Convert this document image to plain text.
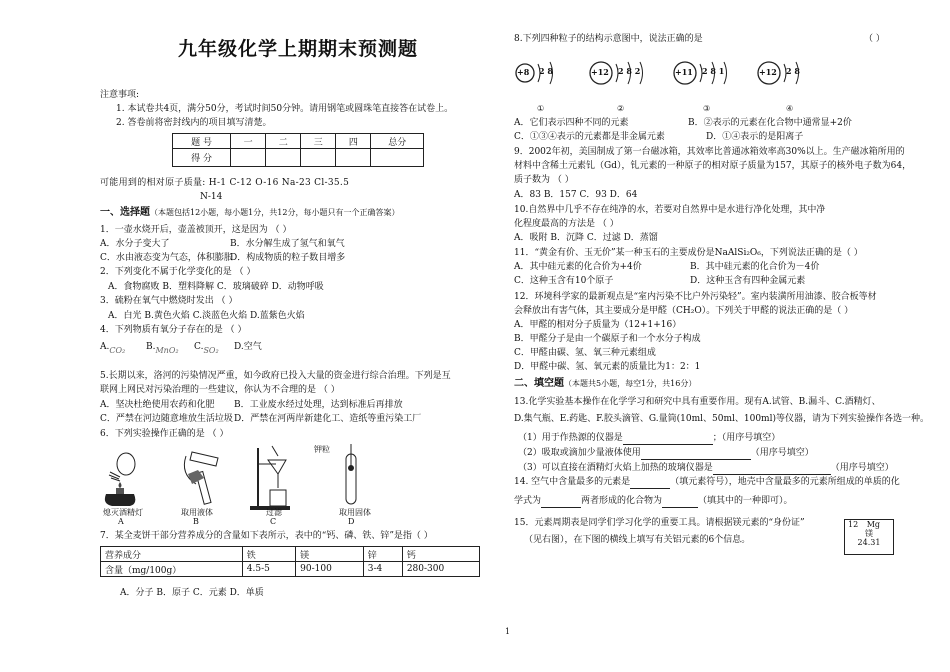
九年级化学上期期末预测题
注意事项:
1. 本试卷共4页，满分50分，考试时间50分钟。请用钢笔或圆珠笔直接答在试卷上。
2. 答卷前将密封线内的项目填写清楚。
题 号	一	二	三	四	总分
得 分					
可能用到的相对原子质量: H-1 C-12 O-16 Na-23 Cl-35.5
N-14
一、选择题（本题包括12小题，每小题1分，共12分，每小题只有一个正确答案）
1．一壶水烧开后，壶盖被顶开，这是因为 （ ）
A．水分子变大了	B．水分解生成了氢气和氧气
C．水由液态变为气态，体积膨胀
D．构成物质的粒子数目增多
2．下列变化不属于化学变化的是 （ ）
A．食物腐败 B．塑料降解 C．玻璃破碎 D．动物呼吸
3．硫粉在氧气中燃烧时发出 （ ）
A．白光 B.黄色火焰 C.淡蓝色火焰 D.蓝紫色火焰
4．下列物质有氧分子存在的是 （ ）
A.CO₂ B.MnO₂ C.SO₂ D.空气
5.长期以来，洛河的污染情况严重，如今政府已投入大量的资金进行综合治理。下列是互
联网上网民对污染治理的一些建议，你认为不合理的是 （ ）
A．坚决杜绝使用农药和化肥 B．工业废水经过处理，达到标准后再排放
C．严禁在河边随意堆放生活垃圾 D．严禁在河两岸新建化工、造纸等重污染工厂
6．下列实验操作正确的是 （ ）
钾粒
熄灭酒精灯	取用液体	过滤	取用固体
A	B	C	D
7．某全麦饼干部分营养成分的含量如下表所示，表中的“钙、磷、铁、锌”是指（ ）
营养成分	铁	镁	锌	钙
含量（mg/100g）	4.5-5	90-100	3-4	280-300
A．分子 B．原子 C．元素 D．单质
8.下列四种粒子的结构示意图中，说法正确的是	（ ）
+8 2 8	+12 2 8 2	+11 2 8 1	+12 2 8
①	②	③	④
A．它们表示四种不同的元素	B．②表示的元素在化合物中通常显+2价
C．①③④表示的元素都是非金属元素	D．①④表示的是阳离子
9．2002年初，美国制成了第一台磁冰箱，其效率比普通冰箱效率高30%以上。生产磁冰箱所用的
材料中含稀土元素钆（Gd），钆元素的一种原子的相对原子质量为157，其原子的核外电子数为64，
质子数为 （ ）
A．83 B．157 C．93 D．64
10.自然界中几乎不存在纯净的水，若要对自然界中是水进行净化处理，其中净
化程度最高的方法是 （ ）
A．吸附 B．沉降 C．过滤 D．蒸馏
11．“黄金有价、玉无价”某一种玉石的主要成份是NaAlSi₂O₆，下列说法正确的是（ ）
A．其中硅元素的化合价为+4价	B．其中硅元素的化合价为－4价
C．这种玉含有10个原子	D．这种玉含有四种金属元素
12．环境科学家的最新观点是“室内污染不比户外污染轻”。室内装潢所用油漆、胶合板等材
会释放出有害气体，其主要成分是甲醛（CH₂O）。下列关于甲醛的说法正确的是（ ）
A．甲醛的相对分子质量为（12+1+16）
B．甲醛分子是由一个碳原子和一个水分子构成
C．甲醛由碳、氢、氧三种元素组成
D．甲醛中碳、氢、氧元素的质量比为1：2：1
二、填空题（本题共5小题，每空1分，共16分）
13.化学实验基本操作在化学学习和研究中具有重要作用。现有A.试管、B.漏斗、C.酒精灯、
D.集气瓶、E.药匙、F.胶头滴管、G.量筒(10ml、50ml、100ml)等仪器，请为下列实验操作各选一种。
（1）用于作热源的仪器是	；（用序号填空）
（2）吸取或滴加少量液体使用	（用序号填空）
（3）可以直接在酒精灯火焰上加热的玻璃仪器是	（用序号填空）
14. 空气中含量最多的元素是	（填元素符号），地壳中含量最多的元素所组成的单质的化
学式为	两者形成的化合物为	（填其中的一种即可）。
15．元素周期表是同学们学习化学的重要工具。请根据镁元素的“身份证”
（见右图），在下图的横线上填写有关铝元素的6个信息。
12 Mg
镁
24.31
1
